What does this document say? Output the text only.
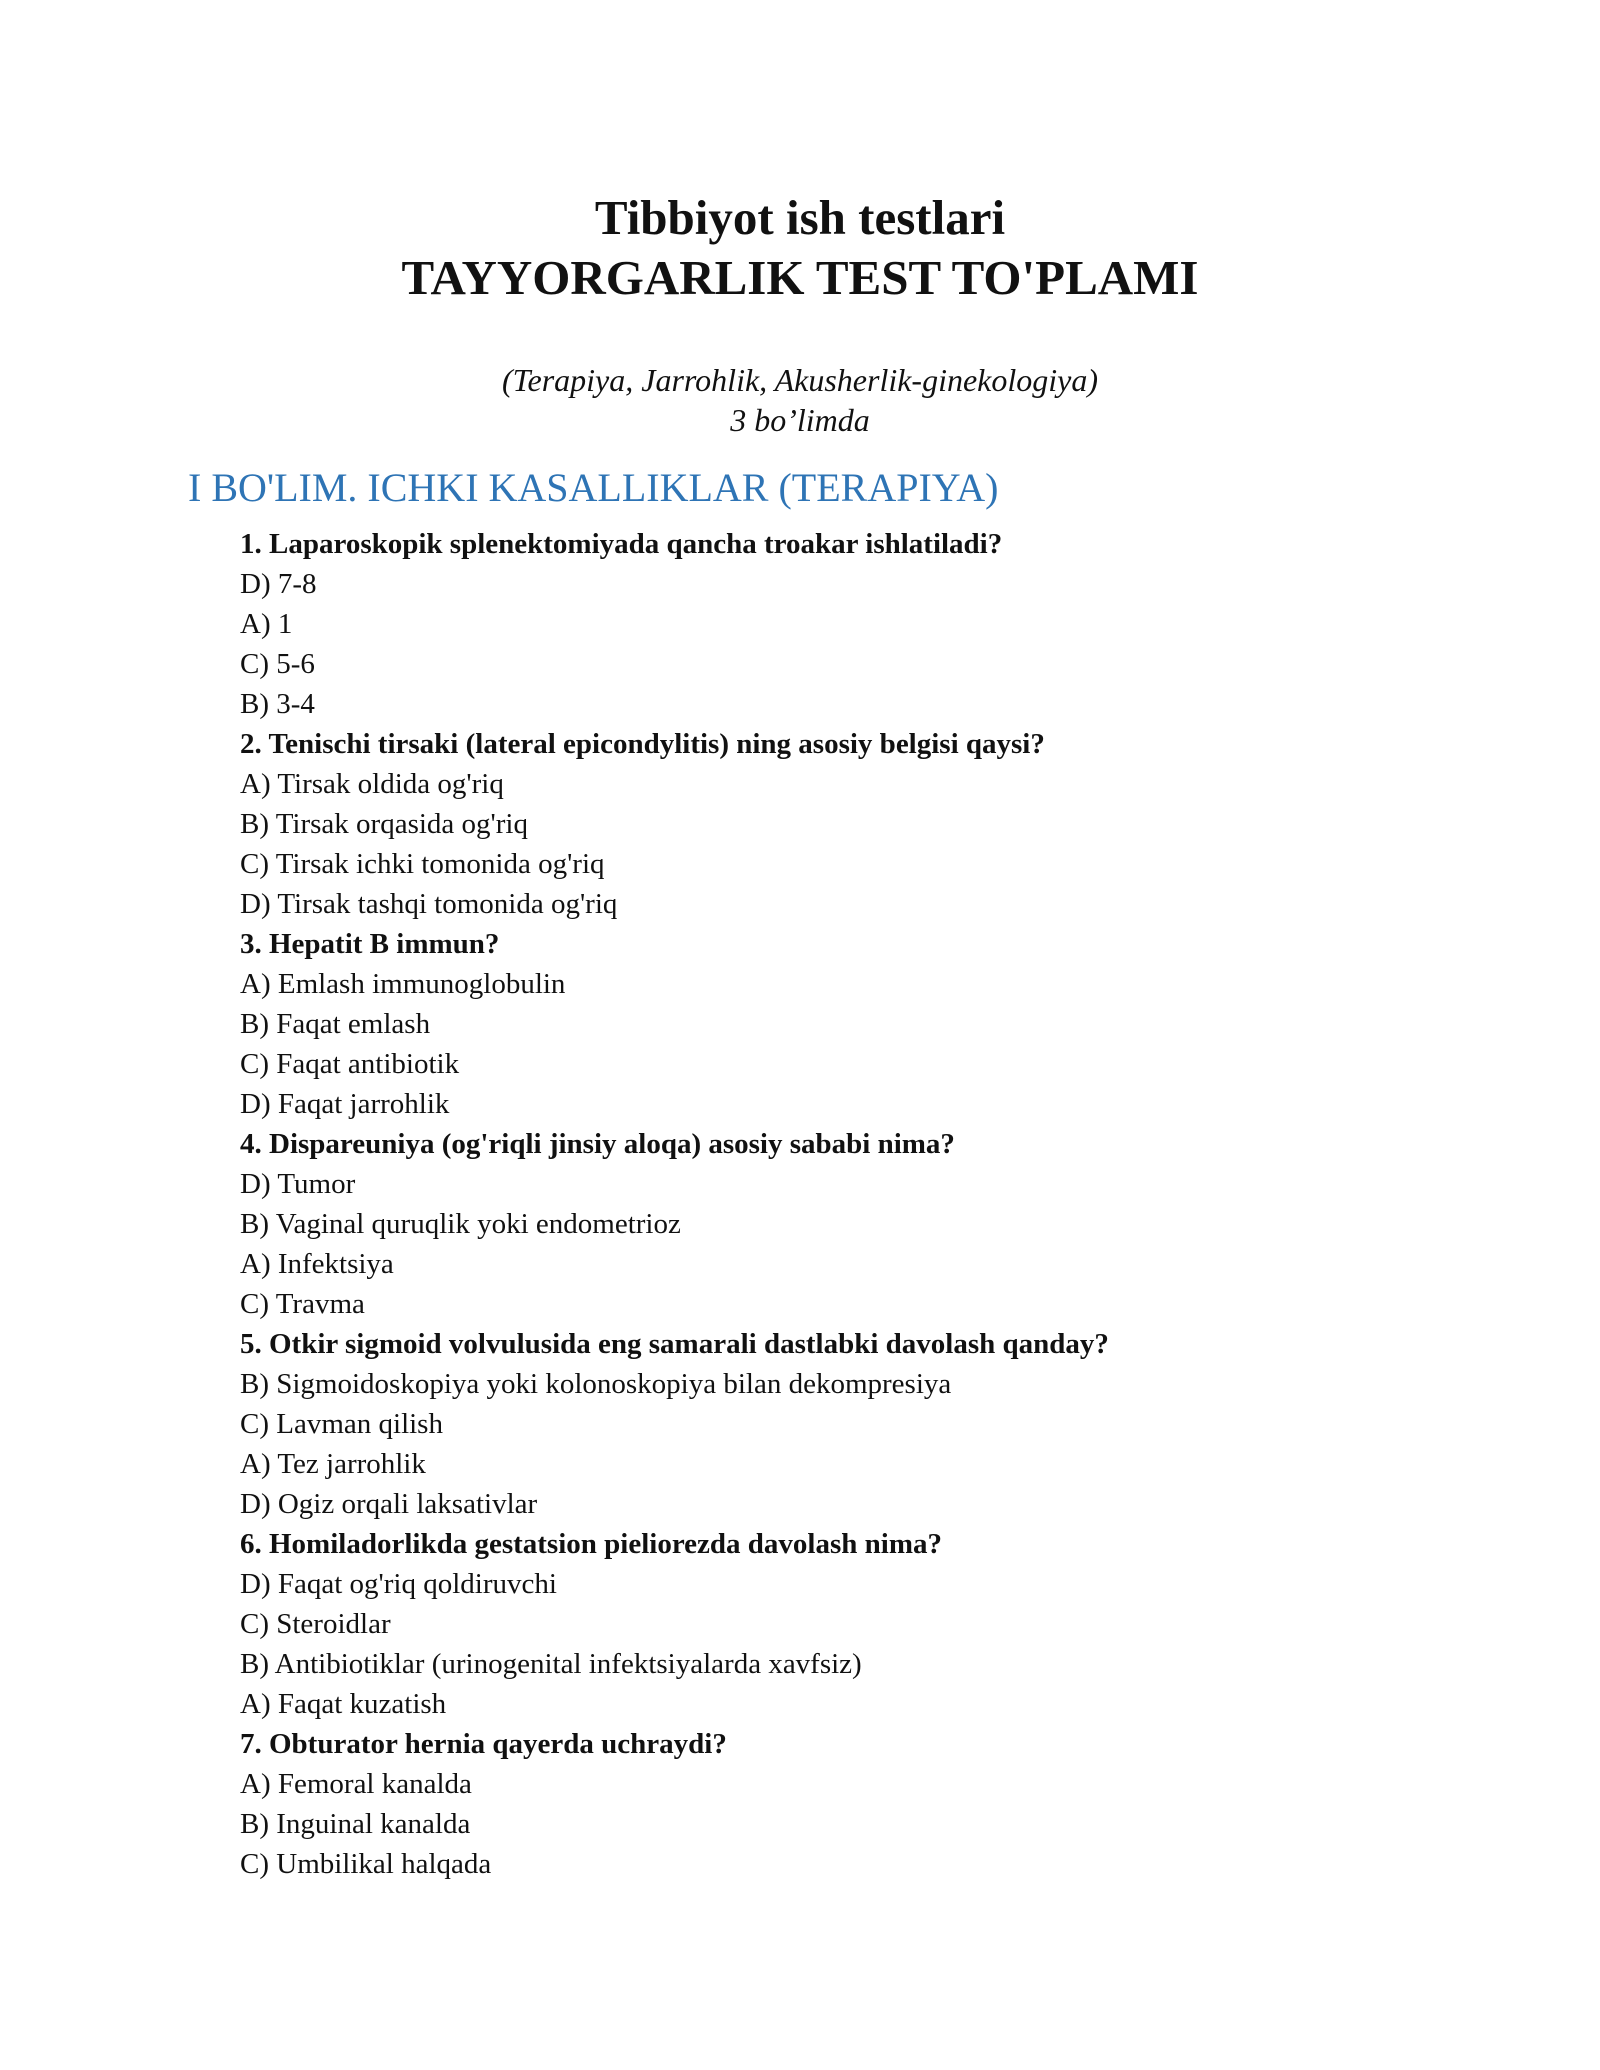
Tibbiyot ish testlari
TAYYORGARLIK TEST TO'PLAMI
(Terapiya, Jarrohlik, Akusherlik-ginekologiya)
3 bo’limda
I BO'LIM. ICHKI KASALLIKLAR (TERAPIYA)
1. Laparoskopik splenektomiyada qancha troakar ishlatiladi?
D) 7-8
A) 1
C) 5-6
B) 3-4
2. Tenischi tirsaki (lateral epicondylitis) ning asosiy belgisi qaysi?
A) Tirsak oldida og'riq
B) Tirsak orqasida og'riq
C) Tirsak ichki tomonida og'riq
D) Tirsak tashqi tomonida og'riq
3. Hepatit B immun?
A) Emlash immunoglobulin
B) Faqat emlash
C) Faqat antibiotik
D) Faqat jarrohlik
4. Dispareuniya (og'riqli jinsiy aloqa) asosiy sababi nima?
D) Tumor
B) Vaginal quruqlik yoki endometrioz
A) Infektsiya
C) Travma
5. Otkir sigmoid volvulusida eng samarali dastlabki davolash qanday?
B) Sigmoidoskopiya yoki kolonoskopiya bilan dekompresiya
C) Lavman qilish
A) Tez jarrohlik
D) Ogiz orqali laksativlar
6. Homiladorlikda gestatsion pieliorezda davolash nima?
D) Faqat og'riq qoldiruvchi
C) Steroidlar
B) Antibiotiklar (urinogenital infektsiyalarda xavfsiz)
A) Faqat kuzatish
7. Obturator hernia qayerda uchraydi?
A) Femoral kanalda
B) Inguinal kanalda
C) Umbilikal halqada
